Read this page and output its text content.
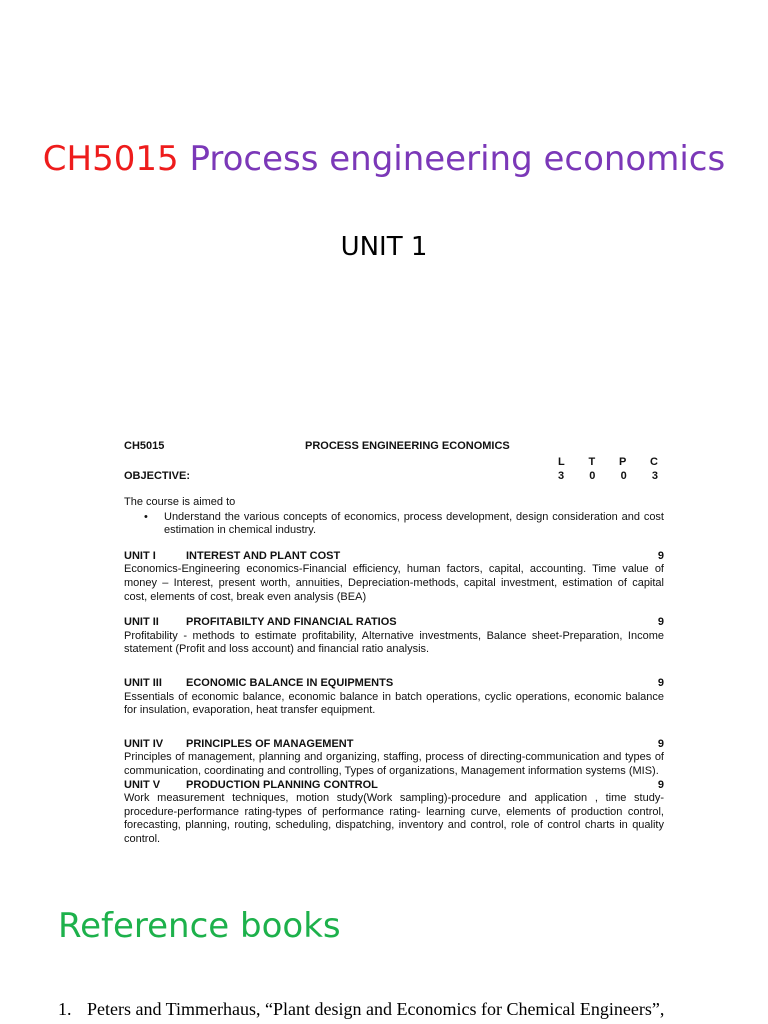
CH5015 Process engineering economics
UNIT 1
CH5015	PROCESS ENGINEERING ECONOMICS
L T P C
OBJECTIVE:	3 0 0 3
The course is aimed to
•	Understand the various concepts of economics, process development, design consideration and cost estimation in chemical industry.
UNIT I	INTEREST AND PLANT COST	9
Economics-Engineering economics-Financial efficiency, human factors, capital, accounting. Time value of money – Interest, present worth, annuities, Depreciation-methods, capital investment, estimation of capital cost, elements of cost, break even analysis (BEA)
UNIT II	PROFITABILTY AND FINANCIAL RATIOS	9
Profitability - methods to estimate profitability, Alternative investments, Balance sheet-Preparation, Income statement (Profit and loss account) and financial ratio analysis.
UNIT III	ECONOMIC BALANCE IN EQUIPMENTS	9
Essentials of economic balance, economic balance in batch operations, cyclic operations, economic balance for insulation, evaporation, heat transfer equipment.
UNIT IV	PRINCIPLES OF MANAGEMENT	9
Principles of management, planning and organizing, staffing, process of directing-communication and types of communication, coordinating and controlling, Types of organizations, Management information systems (MIS).
UNIT V	PRODUCTION PLANNING CONTROL	9
Work measurement techniques, motion study(Work sampling)-procedure and application , time study-procedure-performance rating-types of performance rating- learning curve, elements of production control, forecasting, planning, routing, scheduling, dispatching, inventory and control, role of control charts in quality control.
Reference books
1. Peters and Timmerhaus, “Plant design and Economics for Chemical Engineers”,
